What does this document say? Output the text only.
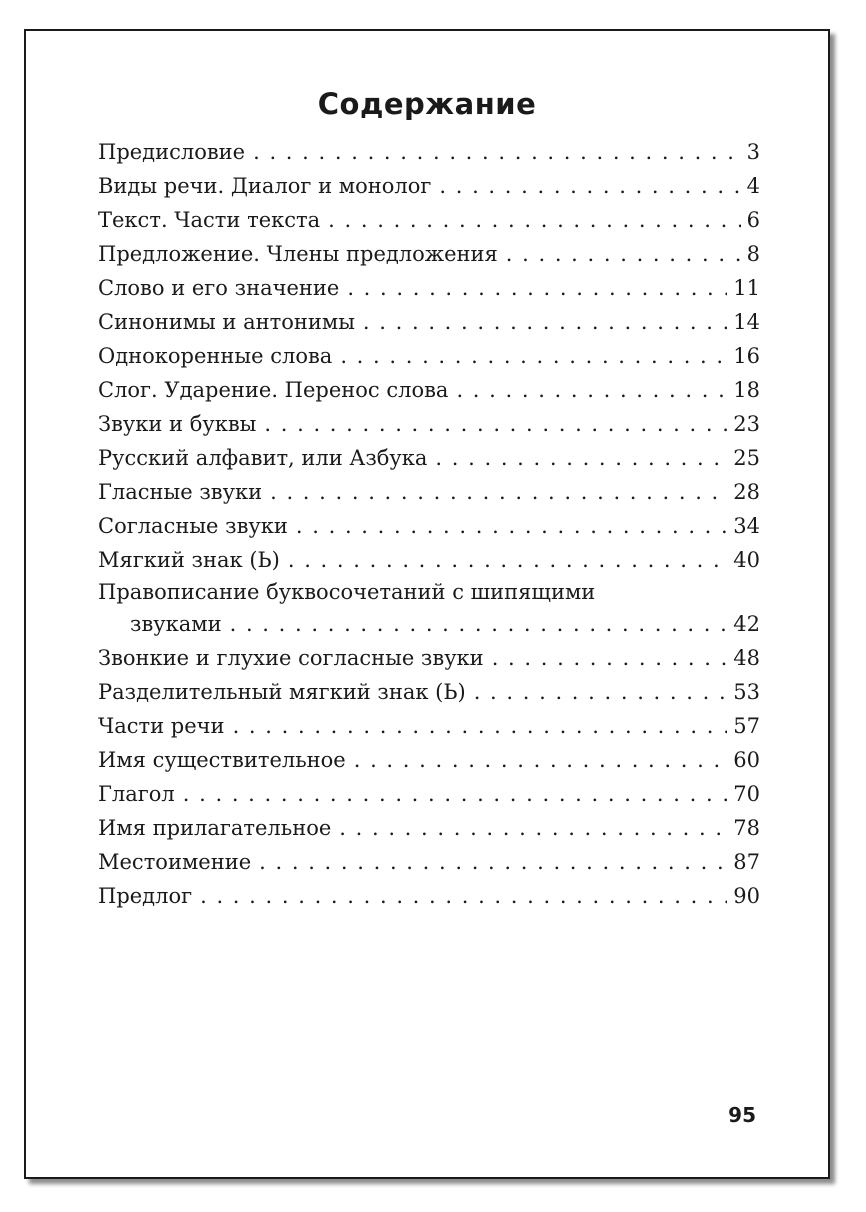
Содержание
Предисловие . . .	3
Виды речи. Диалог и монолог . . .	4
Текст. Части текста . . .	6
Предложение. Члены предложения . . .	8
Слово и его значение . . .	11
Синонимы и антонимы . . .	14
Однокоренные слова . . .	16
Слог. Ударение. Перенос слова . . .	18
Звуки и буквы . . .	23
Русский алфавит, или Азбука . . .	25
Гласные звуки . . .	28
Согласные звуки . . .	34
Мягкий знак (Ь) . . .	40
Правописание буквосочетаний с шипящими
звуками . . .	42
Звонкие и глухие согласные звуки . . .	48
Разделительный мягкий знак (Ь) . . .	53
Части речи . . .	57
Имя существительное . . .	60
Глагол . . .	70
Имя прилагательное . . .	78
Местоимение . . .	87
Предлог . . .	90
95
